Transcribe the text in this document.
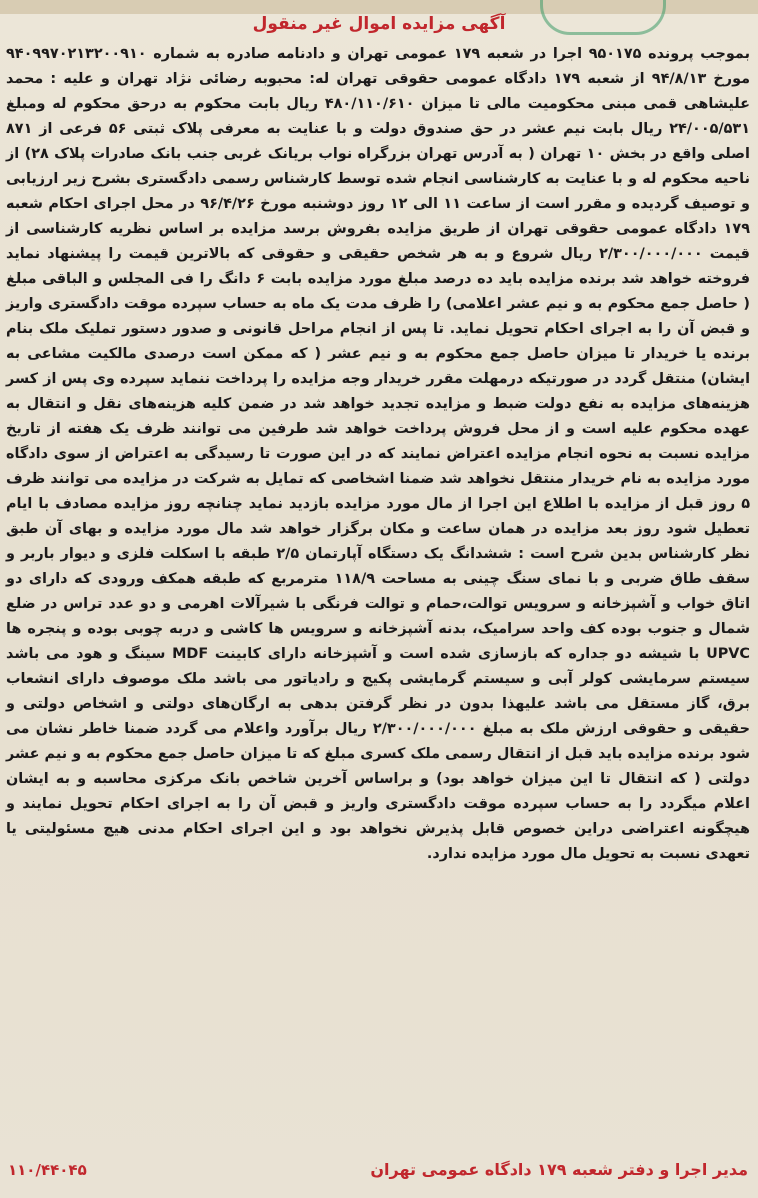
آگهی مزایده اموال غیر منقول

بموجب پرونده ۹۵۰۱۷۵ اجرا در شعبه ۱۷۹ عمومی تهران و دادنامه صادره به شماره ۹۴۰۹۹۷۰۲۱۳۲۰۰۹۱۰ مورخ ۹۴/۸/۱۳ از شعبه ۱۷۹ دادگاه عمومی حقوقی تهران له: محبوبه رضائی نژاد تهران و علیه : محمد علیشاهی قمی مبنی محکومیت مالی تا میزان ۴۸۰/۱۱۰/۶۱۰ ریال بابت محکوم به درحق محکوم له ومبلغ ۲۴/۰۰۵/۵۳۱ ریال بابت نیم عشر در حق صندوق دولت و با عنایت به معرفی پلاک ثبتی ۵۶ فرعی از ۸۷۱ اصلی واقع در بخش ۱۰ تهران ( به آدرس تهران بزرگراه نواب بریانک غربی جنب بانک صادرات پلاک ۲۸) از ناحیه محکوم له و با عنایت به کارشناسی انجام شده توسط کارشناس رسمی دادگستری بشرح زیر ارزیابی و توصیف گردیده و مقرر است از ساعت ۱۱ الی ۱۲ روز دوشنبه مورخ ۹۶/۴/۲۶ در محل اجرای احکام شعبه ۱۷۹ دادگاه عمومی حقوقی تهران از طریق مزایده بفروش برسد مزایده بر اساس نظریه کارشناسی از قیمت ۲/۳۰۰/۰۰۰/۰۰۰ ریال شروع و به هر شخص حقیقی و حقوقی که بالاترین قیمت را پیشنهاد نماید فروخته خواهد شد برنده مزایده باید ده درصد مبلغ مورد مزایده بابت ۶ دانگ را فی المجلس و الباقی مبلغ ( حاصل جمع محکوم به و نیم عشر اعلامی) را ظرف مدت یک ماه به حساب سپرده موقت دادگستری واریز و قبض آن را به اجرای احکام تحویل نماید. تا پس از انجام مراحل قانونی و صدور دستور تملیک ملک بنام برنده یا خریدار تا میزان حاصل جمع محکوم به و نیم عشر ( که ممکن است درصدی مالکیت مشاعی به ایشان) منتقل گردد در صورتیکه درمهلت مقرر خریدار وجه مزایده را پرداخت ننماید سپرده وی پس از کسر هزینه‌های مزایده به نفع دولت ضبط و مزایده تجدید خواهد شد در ضمن کلیه هزینه‌های نقل و انتقال به عهده محکوم علیه است و از محل فروش پرداخت خواهد شد طرفین می توانند ظرف یک هفته از تاریخ مزایده نسبت به نحوه انجام مزایده اعتراض نمایند که در این صورت تا رسیدگی به اعتراض از سوی دادگاه مورد مزایده به نام خریدار منتقل نخواهد شد ضمنا اشخاصی که تمایل به شرکت در مزایده می توانند ظرف ۵ روز قبل از مزایده با اطلاع این اجرا از مال مورد مزایده بازدید نماید چنانچه روز مزایده مصادف با ایام تعطیل شود روز بعد مزایده در همان ساعت و مکان برگزار خواهد شد مال مورد مزایده و بهای آن طبق نظر کارشناس بدین شرح است : ششدانگ یک دستگاه آپارتمان ۲/۵ طبقه با اسکلت فلزی و دیوار باربر و سقف طاق ضربی و با نمای سنگ چینی به مساحت ۱۱۸/۹ مترمربع که طبقه همکف ورودی که دارای دو اتاق خواب و آشپزخانه و سرویس توالت،حمام و توالت فرنگی با شیرآلات اهرمی و دو عدد تراس در ضلع شمال و جنوب بوده کف واحد سرامیک، بدنه آشپزخانه و سرویس ها کاشی و دربه چوبی بوده و پنجره ها UPVC با شیشه دو جداره که بازسازی شده است و آشپزخانه دارای کابینت MDF سینگ و هود می باشد سیستم سرمایشی کولر آبی و سیستم گرمایشی پکیج و رادیاتور می باشد ملک موصوف دارای انشعاب برق، گاز مستقل می باشد علیهذا بدون در نظر گرفتن بدهی به ارگان‌های دولتی و اشخاص دولتی و حقیقی و حقوقی ارزش ملک به مبلغ ۲/۳۰۰/۰۰۰/۰۰۰ ریال برآورد واعلام می گردد ضمنا خاطر نشان می شود برنده مزایده باید قبل از انتقال رسمی ملک کسری مبلغ که تا میزان حاصل جمع محکوم به و نیم عشر دولتی ( که انتقال تا این میزان خواهد بود) و براساس آخرین شاخص بانک مرکزی محاسبه و به ایشان اعلام میگردد را به حساب سپرده موقت دادگستری واریز و قبض آن را به اجرای احکام تحویل نمایند و هیچگونه اعتراضی دراین خصوص قابل پذیرش نخواهد بود و این اجرای احکام مدنی هیچ مسئولیتی یا تعهدی نسبت به تحویل مال مورد مزایده ندارد.

مدیر اجرا و دفتر شعبه ۱۷۹ دادگاه عمومی تهران
۱۱۰/۴۴۰۴۵
